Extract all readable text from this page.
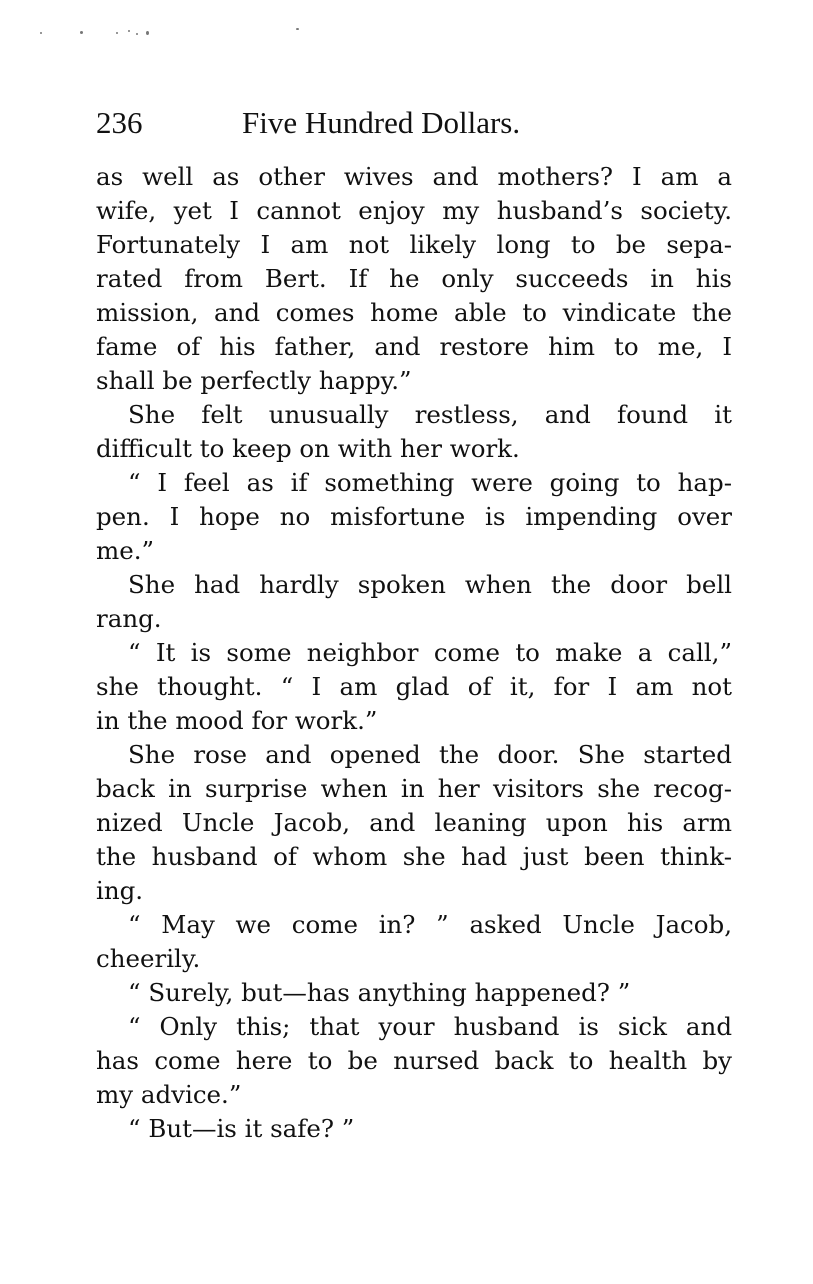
236	Five Hundred Dollars.
as well as other wives and mothers? I am a
wife, yet I cannot enjoy my husband’s society.
Fortunately I am not likely long to be sepa-
rated from Bert. If he only succeeds in his
mission, and comes home able to vindicate the
fame of his father, and restore him to me, I
shall be perfectly happy.”
She felt unusually restless, and found it
difficult to keep on with her work.
“ I feel as if something were going to hap-
pen. I hope no misfortune is impending over
me.”
She had hardly spoken when the door bell
rang.
“ It is some neighbor come to make a call,”
she thought. “ I am glad of it, for I am not
in the mood for work.”
She rose and opened the door. She started
back in surprise when in her visitors she recog-
nized Uncle Jacob, and leaning upon his arm
the husband of whom she had just been think-
ing.
“ May we come in? ” asked Uncle Jacob,
cheerily.
“ Surely, but—has anything happened? ”
“ Only this; that your husband is sick and
has come here to be nursed back to health by
my advice.”
“ But—is it safe? ”
